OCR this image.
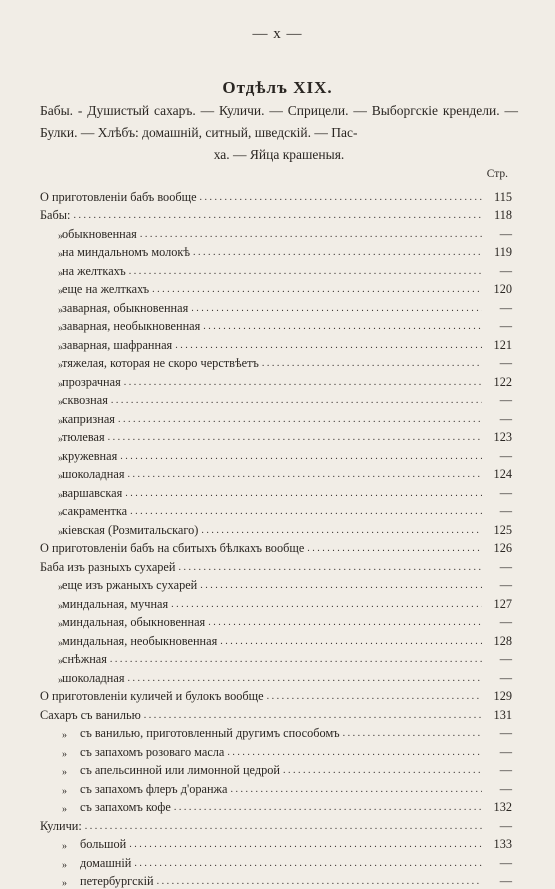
— x —
Отдѣлъ XIX.
Бабы. - Душистый сахаръ. — Куличи. — Сприцели. — Выборгскіе крендели. — Булки. — Хлѣбъ: домашній, ситный, шведскій. — Пас-
ха. — Яйца крашеныя.
Стр.
О приготовленіи бабъ вообще . . .	115
Бабы: . . .	118
» обыкновенная . . .	—
» на миндальномъ молокѣ . . .	119
» на желткахъ . . .	—
» еще на желткахъ . . .	120
» заварная, обыкновенная . . .	—
» заварная, необыкновенная . . .	—
» заварная, шафранная . . .	121
» тяжелая, которая не скоро черствѣетъ . . .	—
» прозрачная . . .	122
» сквозная . . .	—
» капризная . . .	—
» тюлевая . . .	123
» кружевная . . .	—
» шоколадная . . .	124
» варшавская . . .	—
» сакраментка . . .	—
» кіевская (Розмитальскаго) . . .	125
О приготовленіи бабъ на сбитыхъ бѣлкахъ вообще . . .	126
Баба изъ разныхъ сухарей . . .	—
» еще изъ ржаныхъ сухарей . . .	—
» миндальная, мучная . . .	127
» миндальная, обыкновенная . . .	—
» миндальная, необыкновенная . . .	128
» снѣжная . . .	—
» шоколадная . . .	—
О приготовленіи куличей и булокъ вообще . . .	129
Сахаръ съ ванилью . . .	131
»	съ ванилью, приготовленный другимъ способомъ . . .	—
»	съ запахомъ розоваго масла . . .	—
»	съ апельсинной или лимонной цедрой . . .	—
»	съ запахомъ флеръ д'оранжа . . .	—
»	съ запахомъ кофе . . .	132
Куличи: . . .	—
»	большой . . .	133
»	домашній . . .	—
»	петербургскій . . .	—
